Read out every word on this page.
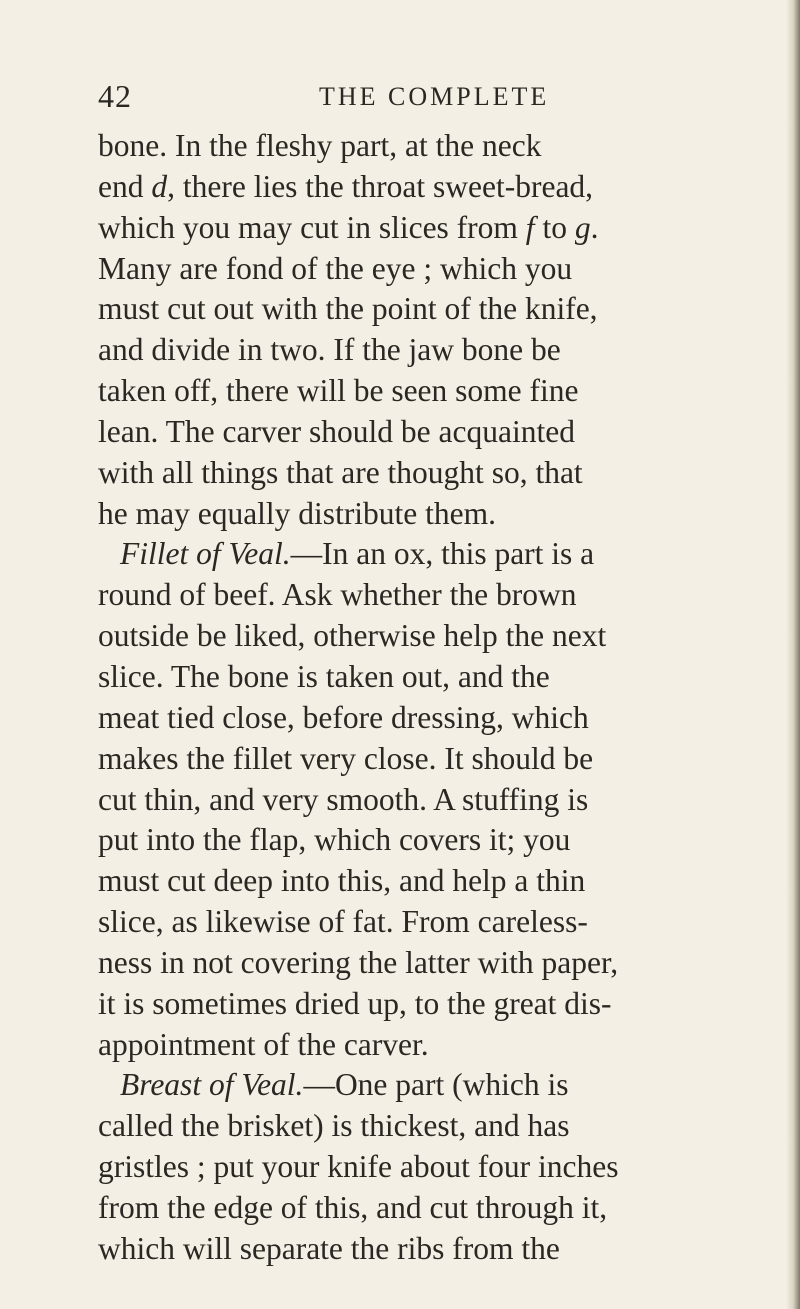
42	THE COMPLETE
bone. In the fleshy part, at the neck
end d, there lies the throat sweet-bread,
which you may cut in slices from f to g.
Many are fond of the eye ; which you
must cut out with the point of the knife,
and divide in two. If the jaw bone be
taken off, there will be seen some fine
lean. The carver should be acquainted
with all things that are thought so, that
he may equally distribute them.
Fillet of Veal.—In an ox, this part is a
round of beef. Ask whether the brown
outside be liked, otherwise help the next
slice. The bone is taken out, and the
meat tied close, before dressing, which
makes the fillet very close. It should be
cut thin, and very smooth. A stuffing is
put into the flap, which covers it; you
must cut deep into this, and help a thin
slice, as likewise of fat. From careless-
ness in not covering the latter with paper,
it is sometimes dried up, to the great dis-
appointment of the carver.
Breast of Veal.—One part (which is
called the brisket) is thickest, and has
gristles ; put your knife about four inches
from the edge of this, and cut through it,
which will separate the ribs from the
